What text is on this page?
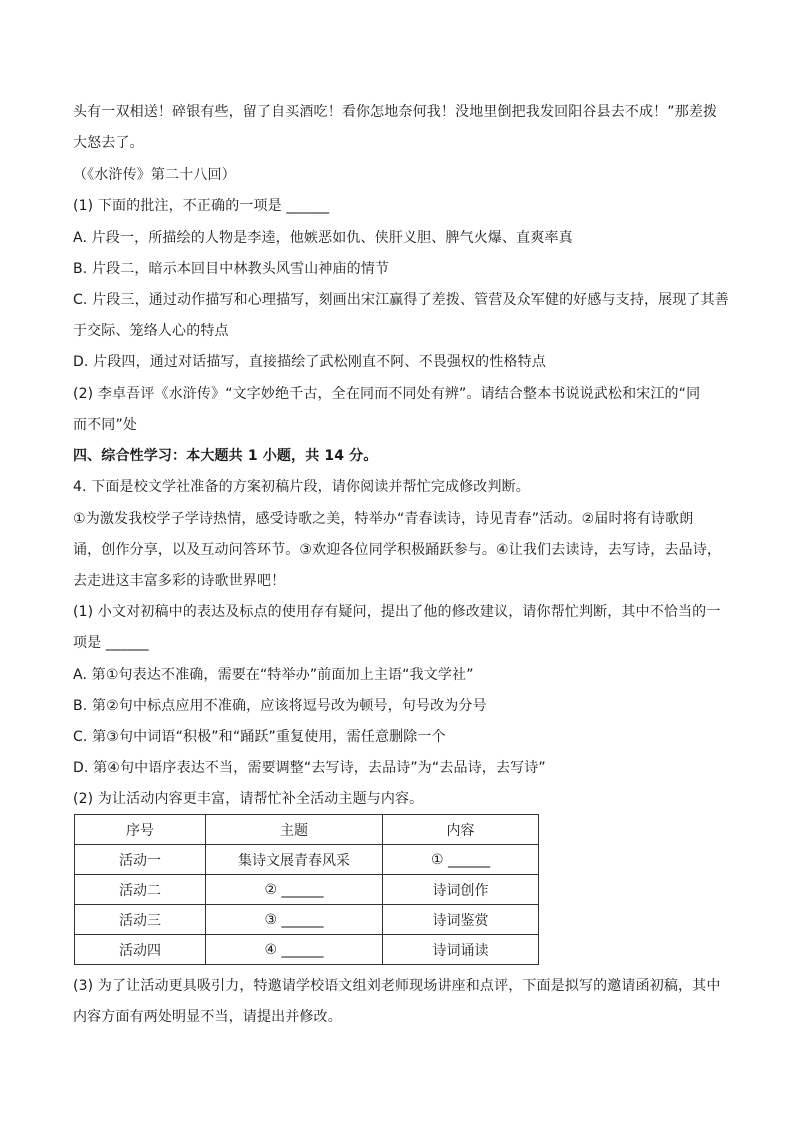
头有一双相送！碎银有些，留了自买酒吃！看你怎地奈何我！没地里倒把我发回阳谷县去不成！”那差拨
大怒去了。
（《水浒传》第二十八回）
(1) 下面的批注，不正确的一项是 ______
A. 片段一，所描绘的人物是李逵，他嫉恶如仇、侠肝义胆、脾气火爆、直爽率真
B. 片段二，暗示本回目中林教头风雪山神庙的情节
C. 片段三，通过动作描写和心理描写，刻画出宋江赢得了差拨、管营及众军健的好感与支持，展现了其善
于交际、笼络人心的特点
D. 片段四，通过对话描写，直接描绘了武松刚直不阿、不畏强权的性格特点
(2) 李卓吾评《水浒传》“文字妙绝千古，全在同而不同处有辨”。请结合整本书说说武松和宋江的“同
而不同”处
四、综合性学习：本大题共 1 小题，共 14 分。
4. 下面是校文学社准备的方案初稿片段，请你阅读并帮忙完成修改判断。
①为激发我校学子学诗热情，感受诗歌之美，特举办“青春读诗，诗见青春”活动。②届时将有诗歌朗
诵，创作分享，以及互动问答环节。③欢迎各位同学积极踊跃参与。④让我们去读诗，去写诗，去品诗，
去走进这丰富多彩的诗歌世界吧！
(1) 小文对初稿中的表达及标点的使用存有疑问，提出了他的修改建议，请你帮忙判断，其中不恰当的一
项是 ______
A. 第①句表达不准确，需要在“特举办”前面加上主语“我文学社”
B. 第②句中标点应用不准确，应该将逗号改为顿号，句号改为分号
C. 第③句中词语“积极”和“踊跃”重复使用，需任意删除一个
D. 第④句中语序表达不当，需要调整“去写诗，去品诗”为“去品诗，去写诗”
(2) 为让活动内容更丰富，请帮忙补全活动主题与内容。
序号	主题	内容
活动一	集诗文展青春风采	① ______
活动二	② ______	诗词创作
活动三	③ ______	诗词鉴赏
活动四	④ ______	诗词诵读
(3) 为了让活动更具吸引力，特邀请学校语文组刘老师现场讲座和点评，下面是拟写的邀请函初稿，其中
内容方面有两处明显不当，请提出并修改。
